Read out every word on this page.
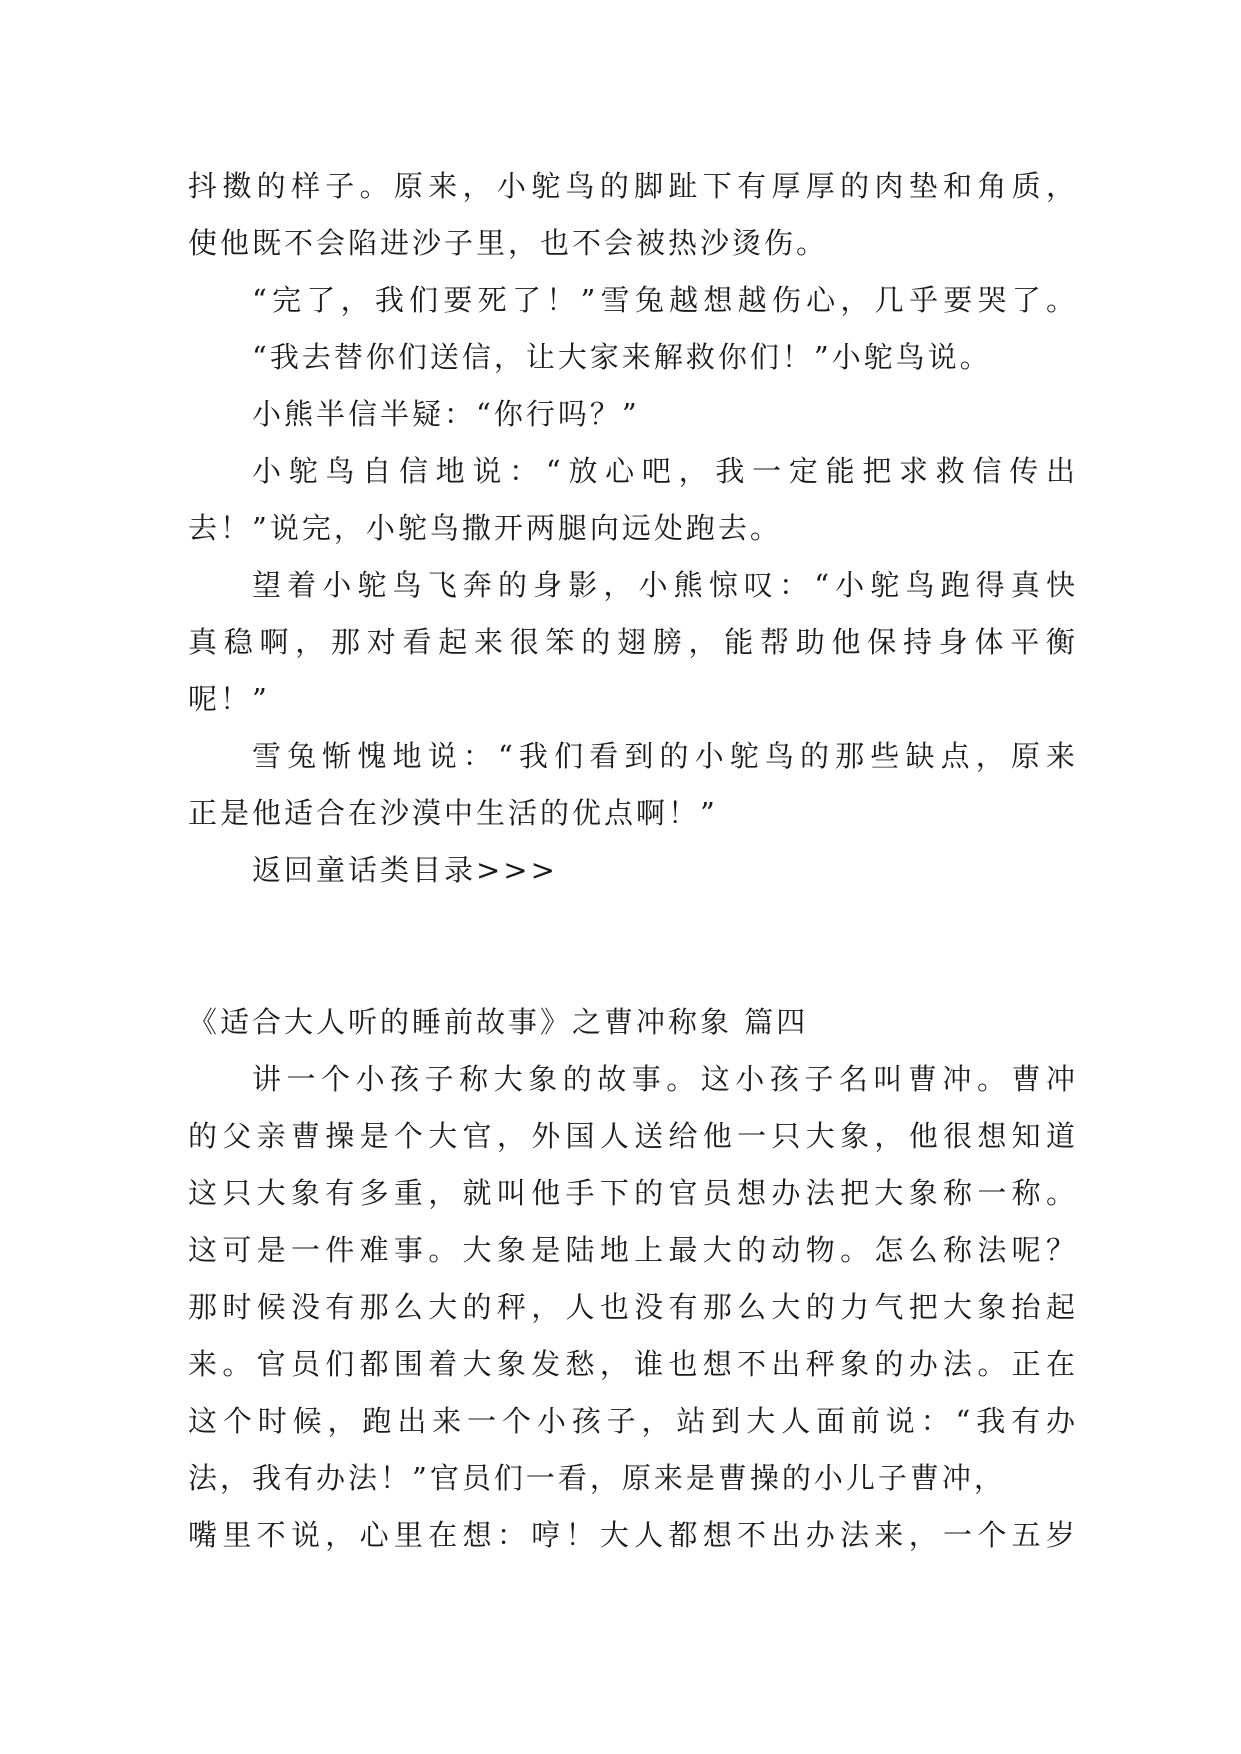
抖擞的样子。原来，小鸵鸟的脚趾下有厚厚的肉垫和角质，
使他既不会陷进沙子里，也不会被热沙烫伤。
“完了，我们要死了！”雪兔越想越伤心，几乎要哭了。
“我去替你们送信，让大家来解救你们！”小鸵鸟说。
小熊半信半疑：“你行吗？”
小鸵鸟自信地说：“放心吧，我一定能把求救信传出
去！”说完，小鸵鸟撒开两腿向远处跑去。
望着小鸵鸟飞奔的身影，小熊惊叹：“小鸵鸟跑得真快
真稳啊，那对看起来很笨的翅膀，能帮助他保持身体平衡
呢！”
雪兔惭愧地说：“我们看到的小鸵鸟的那些缺点，原来
正是他适合在沙漠中生活的优点啊！”
返回童话类目录>>>
《适合大人听的睡前故事》之曹冲称象 篇四
讲一个小孩子称大象的故事。这小孩子名叫曹冲。曹冲
的父亲曹操是个大官，外国人送给他一只大象，他很想知道
这只大象有多重，就叫他手下的官员想办法把大象称一称。
这可是一件难事。大象是陆地上最大的动物。怎么称法呢？
那时候没有那么大的秤，人也没有那么大的力气把大象抬起
来。官员们都围着大象发愁，谁也想不出秤象的办法。正在
这个时候，跑出来一个小孩子，站到大人面前说：“我有办
法，我有办法！”官员们一看，原来是曹操的小儿子曹冲，
嘴里不说，心里在想：哼！大人都想不出办法来，一个五岁
